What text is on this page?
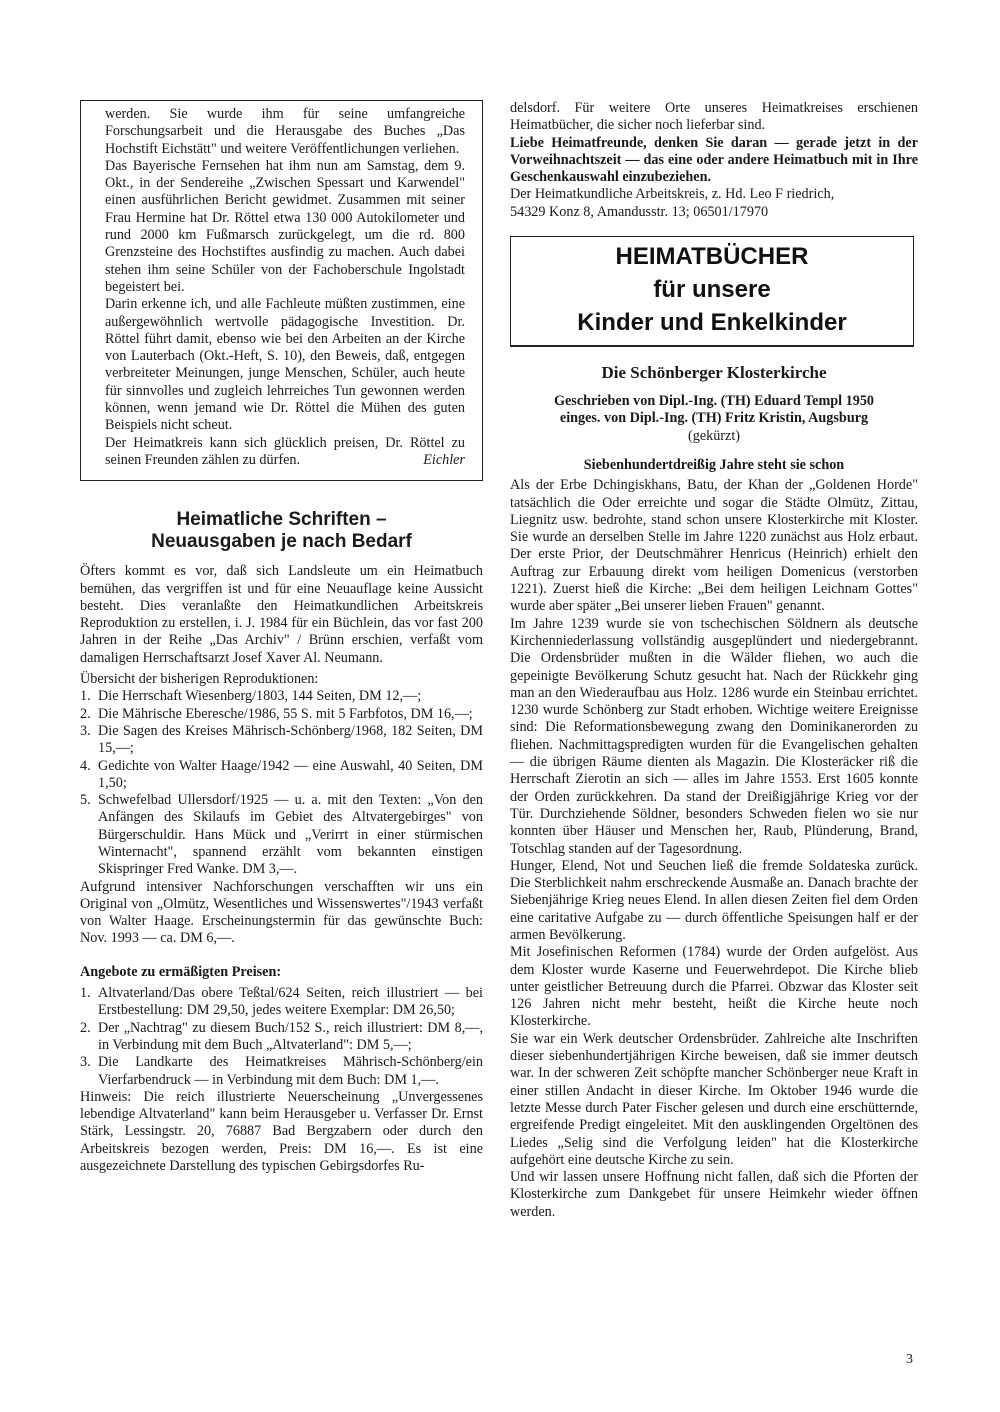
werden. Sie wurde ihm für seine umfangreiche Forschungsarbeit und die Herausgabe des Buches „Das Hochstift Eichstätt" und weitere Veröffentlichungen verliehen.

Das Bayerische Fernsehen hat ihm nun am Samstag, dem 9. Okt., in der Sendereihe „Zwischen Spessart und Karwendel" einen ausführlichen Bericht gewidmet. Zusammen mit seiner Frau Hermine hat Dr. Röttel etwa 130 000 Autokilometer und rund 2000 km Fußmarsch zurückgelegt, um die rd. 800 Grenzsteine des Hochstiftes ausfindig zu machen. Auch dabei stehen ihm seine Schüler von der Fachoberschule Ingolstadt begeistert bei.

Darin erkenne ich, und alle Fachleute müßten zustimmen, eine außergewöhnlich wertvolle pädagogische Investition. Dr. Röttel führt damit, ebenso wie bei den Arbeiten an der Kirche von Lauterbach (Okt.-Heft, S. 10), den Beweis, daß, entgegen verbreiteter Meinungen, junge Menschen, Schüler, auch heute für sinnvolles und zugleich lehrreiches Tun gewonnen werden können, wenn jemand wie Dr. Röttel die Mühen des guten Beispiels nicht scheut.

Der Heimatkreis kann sich glücklich preisen, Dr. Röttel zu seinen Freunden zählen zu dürfen.	Eichler

Heimatliche Schriften –

Neuausgaben je nach Bedarf

Öfters kommt es vor, daß sich Landsleute um ein Heimatbuch bemühen, das vergriffen ist und für eine Neuauflage keine Aussicht besteht. Dies veranlaßte den Heimatkundlichen Arbeitskreis Reproduktion zu erstellen, i. J. 1984 für ein Büchlein, das vor fast 200 Jahren in der Reihe „Das Archiv" / Brünn erschien, verfaßt vom damaligen Herrschaftsarzt Josef Xaver Al. Neumann.

Übersicht der bisherigen Reproduktionen:

1. Die Herrschaft Wiesenberg/1803, 144 Seiten, DM 12,—;
2. Die Mährische Eberesche/1986, 55 S. mit 5 Farbfotos, DM 16,—;
3. Die Sagen des Kreises Mährisch-Schönberg/1968, 182 Seiten, DM 15,—;
4. Gedichte von Walter Haage/1942 — eine Auswahl, 40 Seiten, DM 1,50;
5. Schwefelbad Ullersdorf/1925 — u. a. mit den Texten: „Von den Anfängen des Skilaufs im Gebiet des Altvatergebirges" von Bürgerschuldir. Hans Mück und „Verirrt in einer stürmischen Winternacht", spannend erzählt vom bekannten einstigen Skispringer Fred Wanke. DM 3,—.

Aufgrund intensiver Nachforschungen verschafften wir uns ein Original von „Olmütz, Wesentliches und Wissenswertes"/1943 verfaßt von Walter Haage. Erscheinungstermin für das gewünschte Buch: Nov. 1993 — ca. DM 6,—.

Angebote zu ermäßigten Preisen:

1. Altvaterland/Das obere Teßtal/624 Seiten, reich illustriert — bei Erstbestellung: DM 29,50, jedes weitere Exemplar: DM 26,50;
2. Der „Nachtrag" zu diesem Buch/152 S., reich illustriert: DM 8,—, in Verbindung mit dem Buch „Altvaterland": DM 5,—;
3. Die Landkarte des Heimatkreises Mährisch-Schönberg/ein Vierfarbendruck — in Verbindung mit dem Buch: DM 1,—.

Hinweis: Die reich illustrierte Neuerscheinung „Unvergessenes lebendige Altvaterland" kann beim Herausgeber u. Verfasser Dr. Ernst Stärk, Lessingstr. 20, 76887 Bad Bergzabern oder durch den Arbeitskreis bezogen werden, Preis: DM 16,—. Es ist eine ausgezeichnete Darstellung des typischen Gebirgsdorfes Ru-

delsdorf. Für weitere Orte unseres Heimatkreises erschienen Heimatbücher, die sicher noch lieferbar sind.

Liebe Heimatfreunde, denken Sie daran — gerade jetzt in der Vorweihnachtszeit — das eine oder andere Heimatbuch mit in Ihre Geschenkauswahl einzubeziehen.

Der Heimatkundliche Arbeitskreis, z. Hd. Leo F riedrich,

54329 Konz 8, Amandusstr. 13; 06501/17970

HEIMATBÜCHER
für unsere
Kinder und Enkelkinder

Die Schönberger Klosterkirche

Geschrieben von Dipl.-Ing. (TH) Eduard Templ 1950

einges. von Dipl.-Ing. (TH) Fritz Kristin, Augsburg

(gekürzt)

Siebenhundertdreißig Jahre steht sie schon

Als der Erbe Dchingiskhans, Batu, der Khan der „Goldenen Horde" tatsächlich die Oder erreichte und sogar die Städte Olmütz, Zittau, Liegnitz usw. bedrohte, stand schon unsere Klosterkirche mit Kloster. Sie wurde an derselben Stelle im Jahre 1220 zunächst aus Holz erbaut. Der erste Prior, der Deutschmährer Henricus (Heinrich) erhielt den Auftrag zur Erbauung direkt vom heiligen Domenicus (verstorben 1221). Zuerst hieß die Kirche: „Bei dem heiligen Leichnam Gottes" wurde aber später „Bei unserer lieben Frauen" genannt.

Im Jahre 1239 wurde sie von tschechischen Söldnern als deutsche Kirchenniederlassung vollständig ausgeplündert und niedergebrannt. Die Ordensbrüder mußten in die Wälder fliehen, wo auch die gepeinigte Bevölkerung Schutz gesucht hat. Nach der Rückkehr ging man an den Wiederaufbau aus Holz. 1286 wurde ein Steinbau errichtet. 1230 wurde Schönberg zur Stadt erhoben. Wichtige weitere Ereignisse sind: Die Reformationsbewegung zwang den Dominikanerorden zu fliehen. Nachmittagspredigten wurden für die Evangelischen gehalten — die übrigen Räume dienten als Magazin. Die Klosteräcker riß die Herrschaft Zierotin an sich — alles im Jahre 1553. Erst 1605 konnte der Orden zurückkehren. Da stand der Dreißigjährige Krieg vor der Tür. Durchziehende Söldner, besonders Schweden fielen wo sie nur konnten über Häuser und Menschen her, Raub, Plünderung, Brand, Totschlag standen auf der Tagesordnung.

Hunger, Elend, Not und Seuchen ließ die fremde Soldateska zurück. Die Sterblichkeit nahm erschreckende Ausmaße an. Danach brachte der Siebenjährige Krieg neues Elend. In allen diesen Zeiten fiel dem Orden eine caritative Aufgabe zu — durch öffentliche Speisungen half er der armen Bevölkerung.

Mit Josefinischen Reformen (1784) wurde der Orden aufgelöst. Aus dem Kloster wurde Kaserne und Feuerwehrdepot. Die Kirche blieb unter geistlicher Betreuung durch die Pfarrei. Obzwar das Kloster seit 126 Jahren nicht mehr besteht, heißt die Kirche heute noch Klosterkirche.

Sie war ein Werk deutscher Ordensbrüder. Zahlreiche alte Inschriften dieser siebenhundertjährigen Kirche beweisen, daß sie immer deutsch war. In der schweren Zeit schöpfte mancher Schönberger neue Kraft in einer stillen Andacht in dieser Kirche. Im Oktober 1946 wurde die letzte Messe durch Pater Fischer gelesen und durch eine erschütternde, ergreifende Predigt eingeleitet. Mit den ausklingenden Orgeltönen des Liedes „Selig sind die Verfolgung leiden" hat die Klosterkirche aufgehört eine deutsche Kirche zu sein.

Und wir lassen unsere Hoffnung nicht fallen, daß sich die Pforten der Klosterkirche zum Dankgebet für unsere Heimkehr wieder öffnen werden.

3
